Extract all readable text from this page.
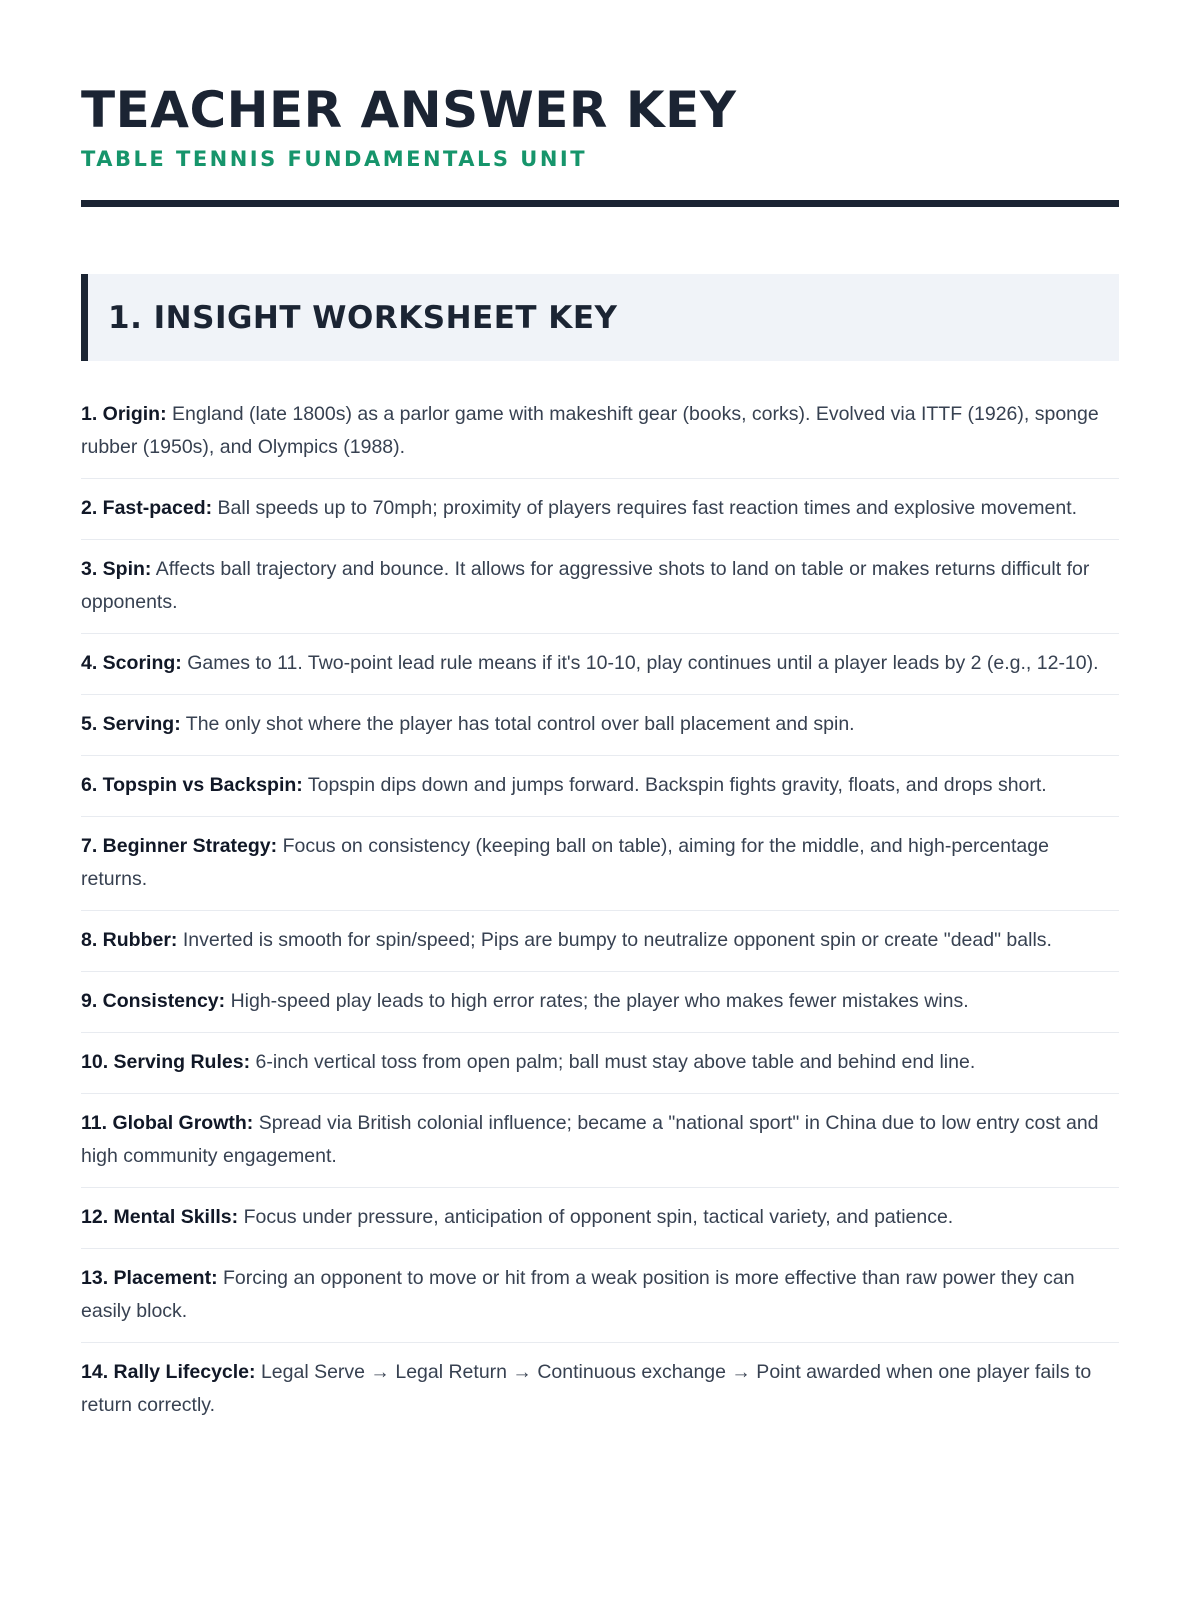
TEACHER ANSWER KEY
TABLE TENNIS FUNDAMENTALS UNIT
1. INSIGHT WORKSHEET KEY
1. Origin: England (late 1800s) as a parlor game with makeshift gear (books, corks). Evolved via ITTF (1926), sponge rubber (1950s), and Olympics (1988).
2. Fast-paced: Ball speeds up to 70mph; proximity of players requires fast reaction times and explosive movement.
3. Spin: Affects ball trajectory and bounce. It allows for aggressive shots to land on table or makes returns difficult for opponents.
4. Scoring: Games to 11. Two-point lead rule means if it's 10-10, play continues until a player leads by 2 (e.g., 12-10).
5. Serving: The only shot where the player has total control over ball placement and spin.
6. Topspin vs Backspin: Topspin dips down and jumps forward. Backspin fights gravity, floats, and drops short.
7. Beginner Strategy: Focus on consistency (keeping ball on table), aiming for the middle, and high-percentage returns.
8. Rubber: Inverted is smooth for spin/speed; Pips are bumpy to neutralize opponent spin or create "dead" balls.
9. Consistency: High-speed play leads to high error rates; the player who makes fewer mistakes wins.
10. Serving Rules: 6-inch vertical toss from open palm; ball must stay above table and behind end line.
11. Global Growth: Spread via British colonial influence; became a "national sport" in China due to low entry cost and high community engagement.
12. Mental Skills: Focus under pressure, anticipation of opponent spin, tactical variety, and patience.
13. Placement: Forcing an opponent to move or hit from a weak position is more effective than raw power they can easily block.
14. Rally Lifecycle: Legal Serve → Legal Return → Continuous exchange → Point awarded when one player fails to return correctly.
